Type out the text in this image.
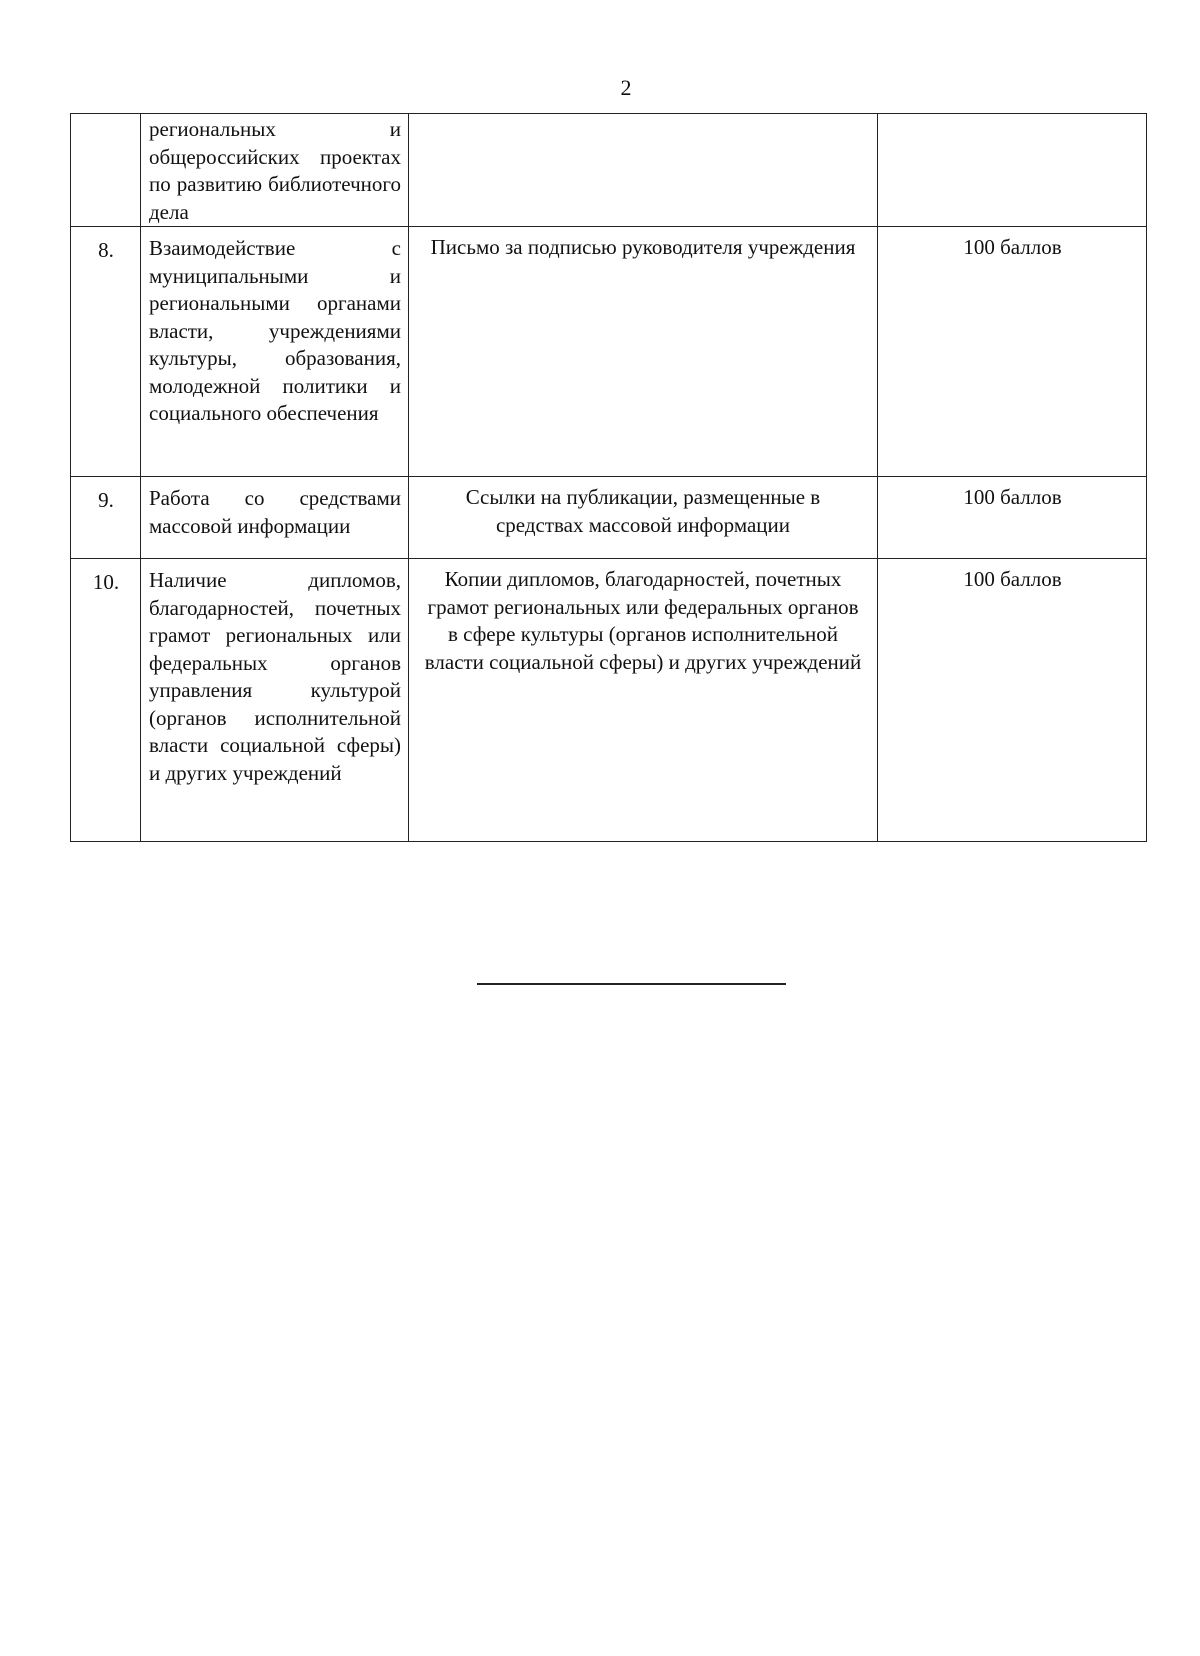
2

	региональных и общероссийских проектах по развитию библиотечного дела		

8.	Взаимодействие с муниципальными и региональными органами власти, учреждениями культуры, образования, молодежной политики и социального обеспечения	Письмо за подписью руководителя учреждения	100 баллов
9.	Работа со средствами массовой информации	Ссылки на публикации, размещенные в средствах массовой информации	100 баллов
10.	Наличие дипломов, благодарностей, почетных грамот региональных или федеральных органов управления культурой (органов исполнительной власти социальной сферы) и других учреждений	Копии дипломов, благодарностей, почетных грамот региональных или федеральных органов в сфере культуры (органов исполнительной власти социальной сферы) и других учреждений	100 баллов
